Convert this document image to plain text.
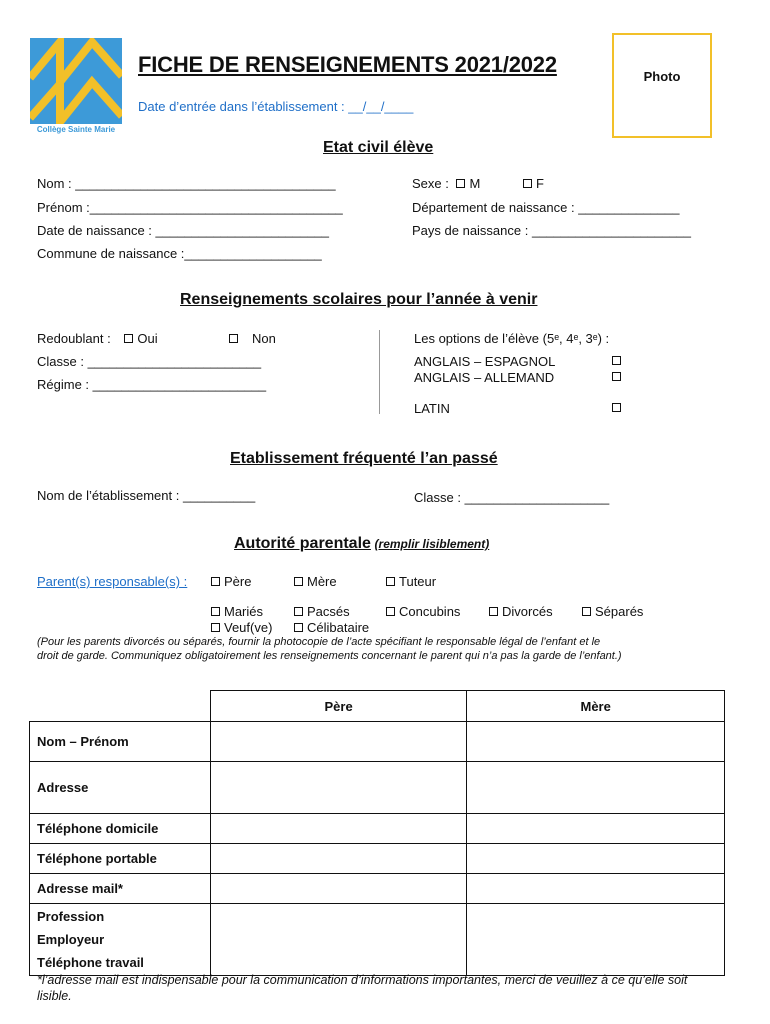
Collège Sainte Marie
FICHE DE RENSEIGNEMENTS 2021/2022
Date d’entrée dans l’établissement : __/__/____
Photo
Etat civil élève
Nom : ____________________________________
Prénom :___________________________________
Date de naissance : ________________________
Commune de naissance :___________________
Sexe : M	F
Département de naissance : ______________
Pays de naissance : ______________________
Renseignements scolaires pour l’année à venir
Redoublant : Oui	Non
Classe : ________________________
Régime : ________________________
Les options de l’élève (5ᵉ, 4ᵉ, 3ᵉ) :
ANGLAIS – ESPAGNOL
ANGLAIS – ALLEMAND
LATIN
Etablissement fréquenté l’an passé
Nom de l’établissement : __________	Classe : ____________________
Autorité parentale (remplir lisiblement)
Parent(s) responsable(s) :	Père	Mère	Tuteur
Mariés	Pacsés	Concubins	Divorcés	Séparés
Veuf(ve)	Célibataire
(Pour les parents divorcés ou séparés, fournir la photocopie de l’acte spécifiant le responsable légal de l’enfant et le
droit de garde. Communiquez obligatoirement les renseignements concernant le parent qui n’a pas la garde de l’enfant.)
	Père	Mère
Nom – Prénom		
Adresse		
Téléphone domicile		
Téléphone portable		
Adresse mail*		

Profession
Employeur
Téléphone travail		

*l’adresse mail est indispensable pour la communication d’informations importantes, merci de veuillez à ce qu’elle soit lisible.
